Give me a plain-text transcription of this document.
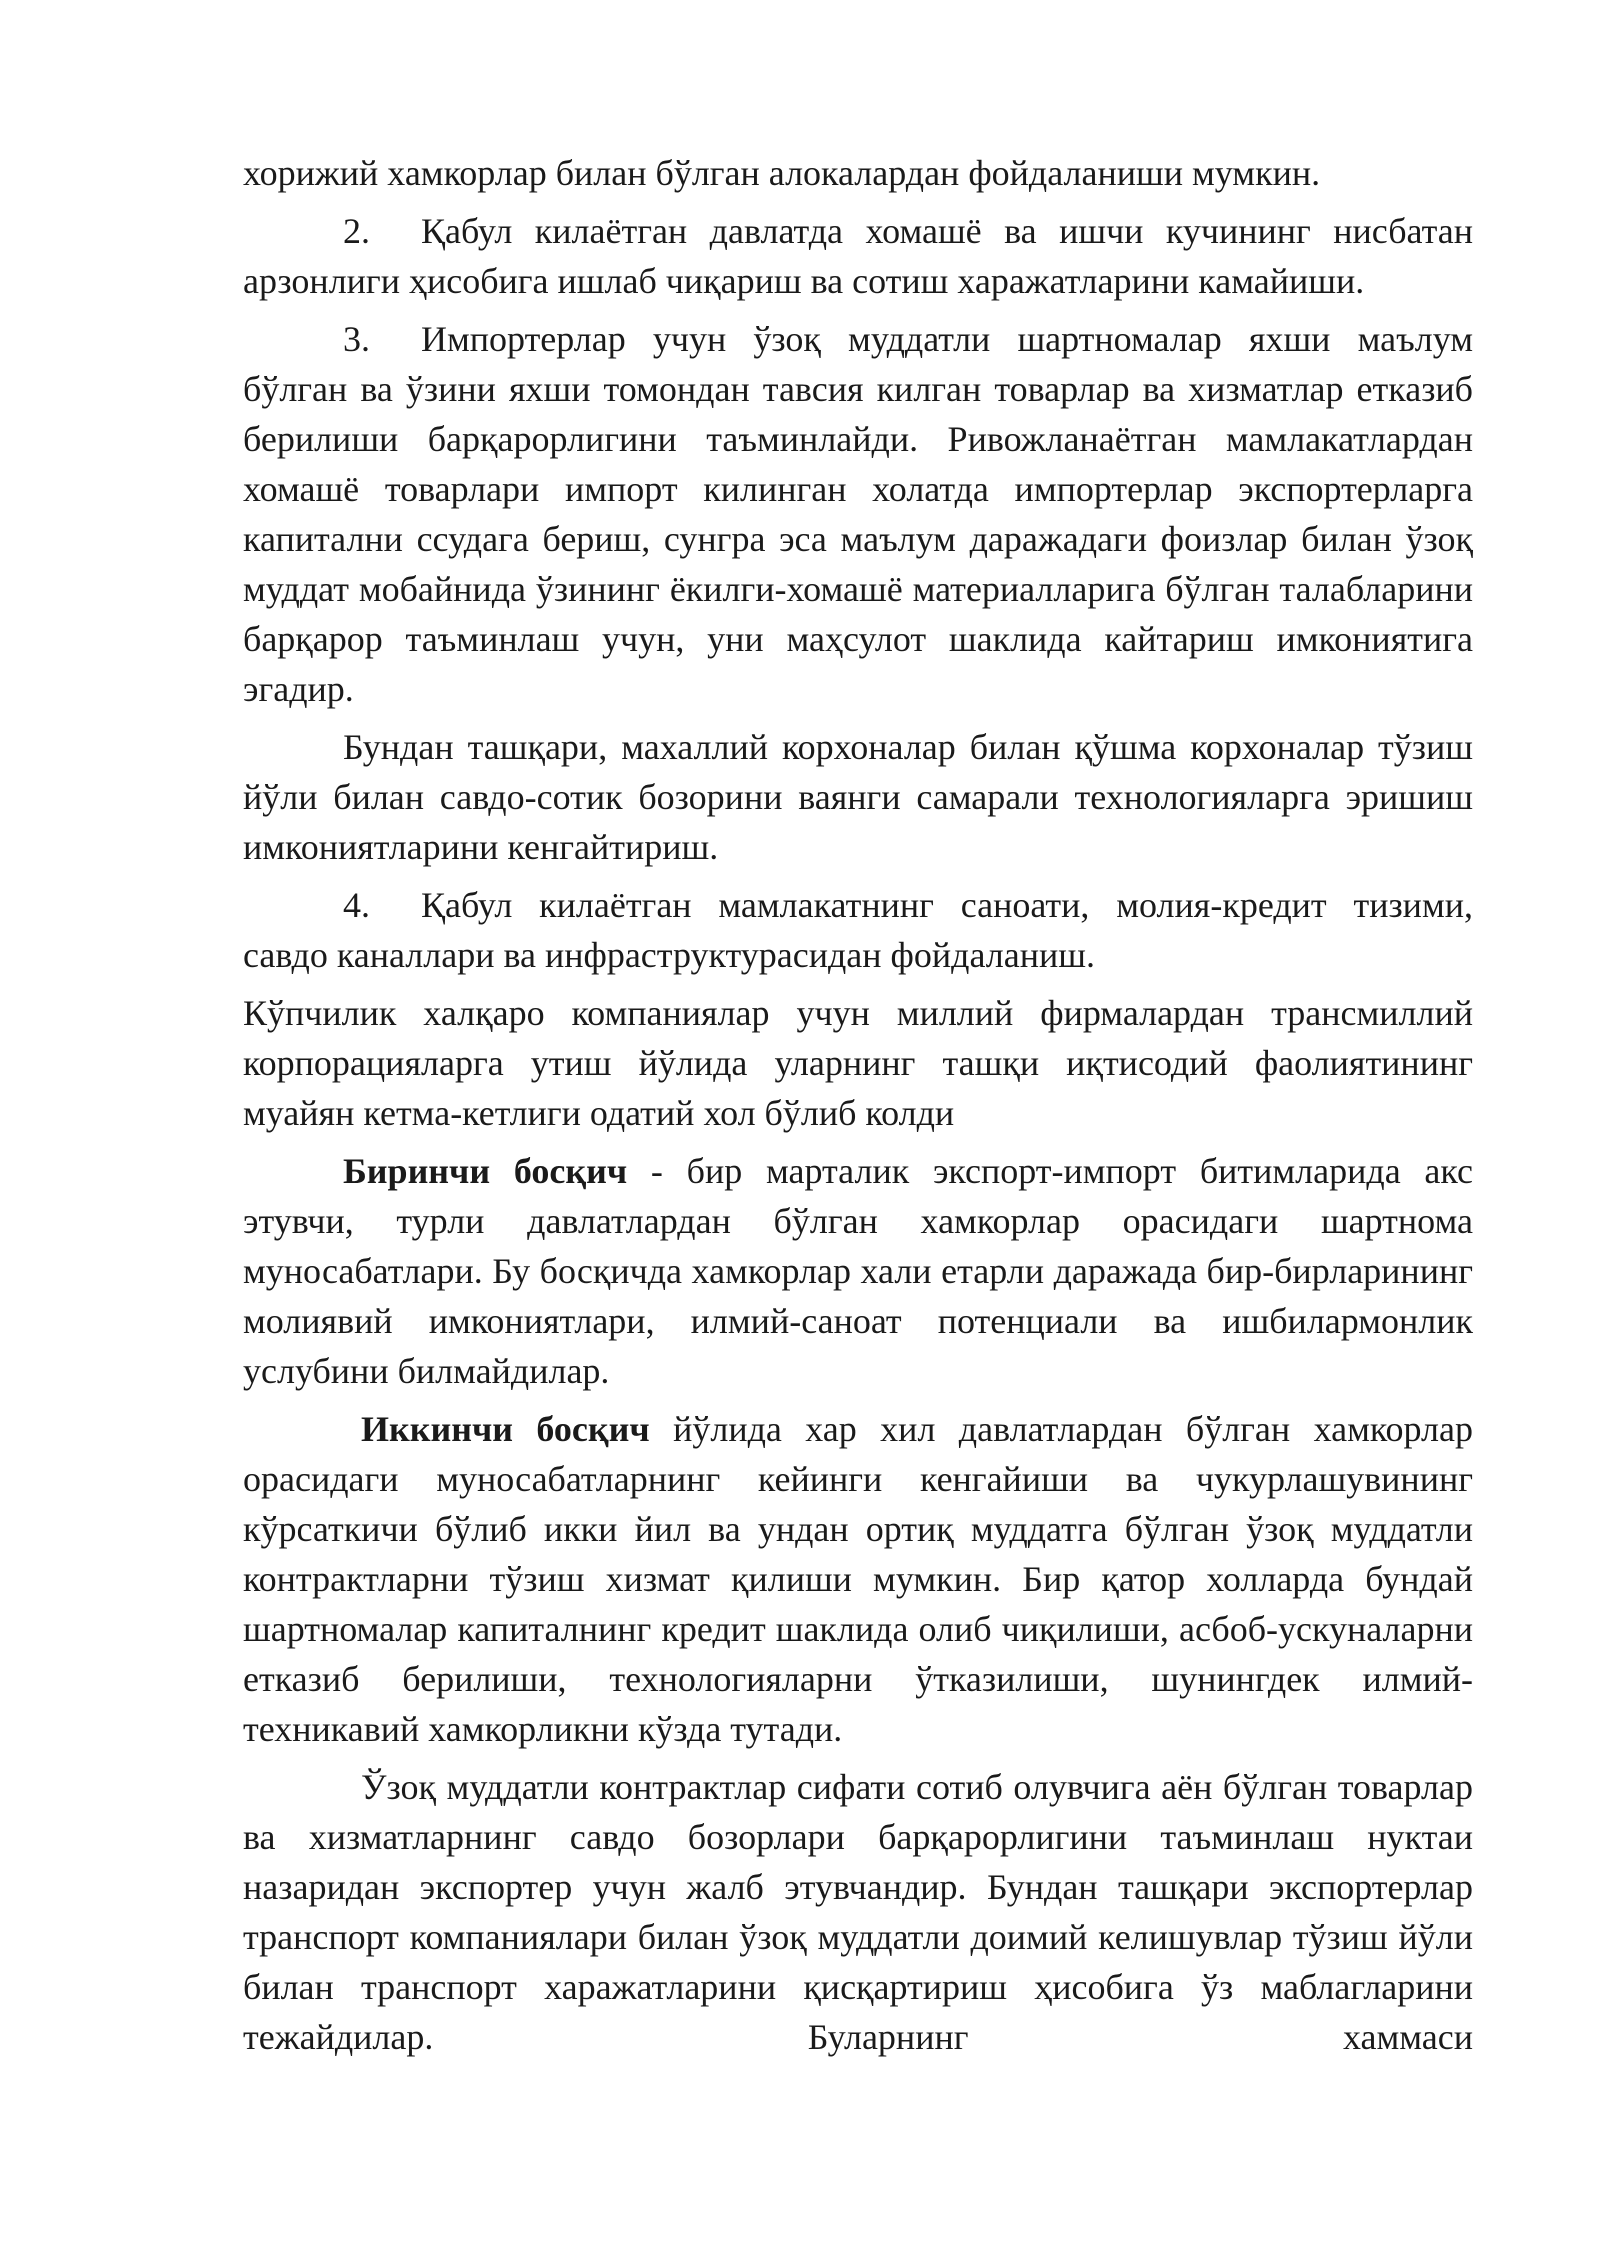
хорижий хамкорлар билан бўлган алокалардан фойдаланиши мумкин.

2. Қабул килаётган давлатда хомашё ва ишчи кучининг нисбатан арзонлиги ҳисобига ишлаб чиқариш ва сотиш харажатларини камайиши.

3. Импортерлар учун ўзоқ муддатли шартномалар яхши маълум бўлган ва ўзини яхши томондан тавсия килган товарлар ва хизматлар етказиб берилиши барқарорлигини таъминлайди. Ривожланаётган мамлакатлардан хомашё товарлари импорт килинган холатда импортерлар экспортерларга капитални ссудага бериш, сунгра эса маълум даражадаги фоизлар билан ўзоқ муддат мобайнида ўзининг ёкилги-хомашё материалларига бўлган талабларини барқарор таъминлаш учун, уни маҳсулот шаклида кайтариш имкониятига эгадир.

Бундан ташқари, махаллий корхоналар билан қўшма корхоналар тўзиш йўли билан савдо-сотик бозорини ваянги самарали технологияларга эришиш имкониятларини кенгайтириш.

4. Қабул килаётган мамлакатнинг саноати, молия-кредит тизими, савдо каналлари ва инфраструктурасидан фойдаланиш.

Кўпчилик халқаро компаниялар учун миллий фирмалардан трансмиллий корпорацияларга утиш йўлида уларнинг ташқи иқтисодий фаолиятининг муайян кетма-кетлиги одатий хол бўлиб колди

Биринчи босқич - бир марталик экспорт-импорт битимларида акс этувчи, турли давлатлардан бўлган хамкорлар орасидаги шартнома муносабатлари. Бу босқичда хамкорлар хали етарли даражада бир-бирларининг молиявий имкониятлари, илмий-саноат потенциали ва ишбилармонлик услубини билмайдилар.

Иккинчи босқич йўлида хар хил давлатлардан бўлган хамкорлар орасидаги муносабатларнинг кейинги кенгайиши ва чукурлашувининг кўрсаткичи бўлиб икки йил ва ундан ортиқ муддатга бўлган ўзоқ муддатли контрактларни тўзиш хизмат қилиши мумкин. Бир қатор холларда бундай шартномалар капиталнинг кредит шаклида олиб чиқилиши, асбоб-ускуналарни етказиб берилиши, технологияларни ўтказилиши, шунингдек илмий-техникавий хамкорликни кўзда тутади.

Ўзоқ муддатли контрактлар сифати сотиб олувчига аён бўлган товарлар ва хизматларнинг савдо бозорлари барқарорлигини таъминлаш нуктаи назаридан экспортер учун жалб этувчандир. Бундан ташқари экспортерлар транспорт компаниялари билан ўзоқ муддатли доимий келишувлар тўзиш йўли билан транспорт харажатларини қисқартириш ҳисобига ўз маблагларини тежайдилар. Буларнинг хаммаси
